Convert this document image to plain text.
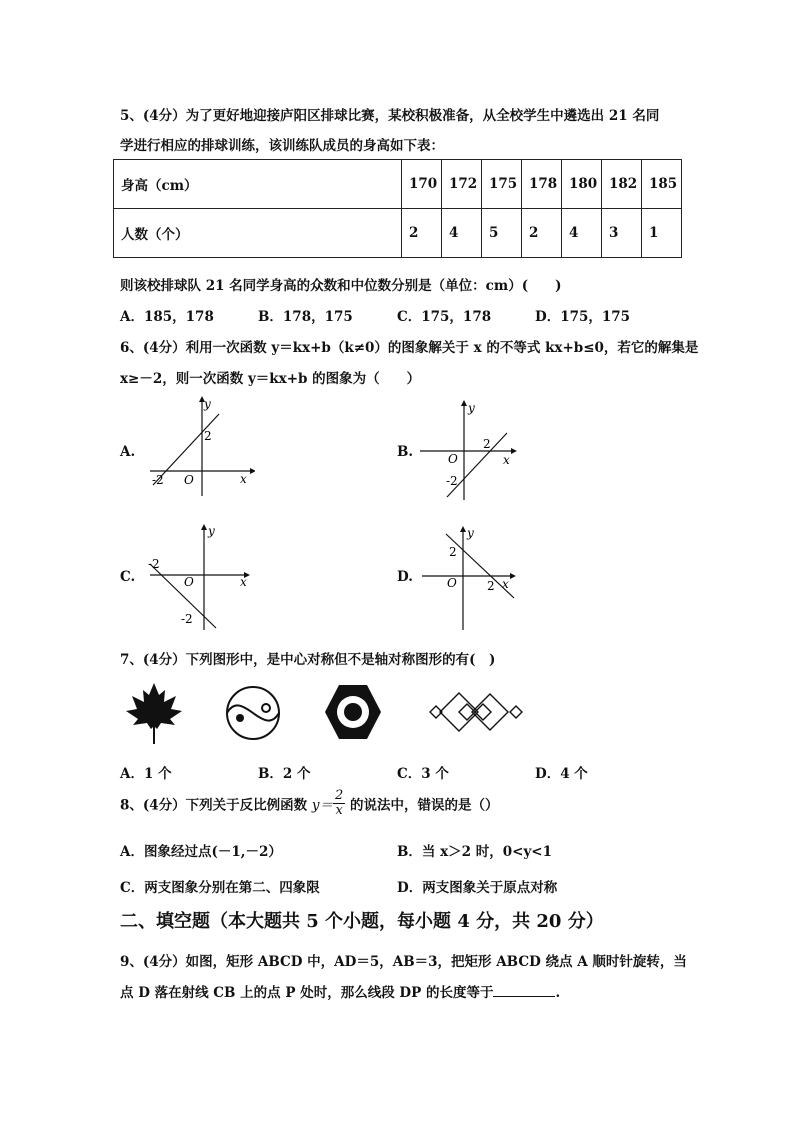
5、(4分）为了更好地迎接庐阳区排球比赛，某校积极准备，从全校学生中遴选出 21 名同
学进行相应的排球训练，该训练队成员的身高如下表：
身高（cm）	170	172	175	178	180	182	185
人数（个）	2	4	5	2	4	3	1
则该校排球队 21 名同学身高的众数和中位数分别是（单位：cm）(　　)
A．185，178	B．178，175	C．175，178	D．175，175
6、(4分）利用一次函数 y＝kx+b（k≠0）的图象解关于 x 的不等式 kx+b≤0，若它的解集是
x≥－2，则一次函数 y＝kx+b 的图象为（　　）
A.
y
x
O
-2
2
B.
y
x
O
2
-2
C.
y
x
O
-2
-2
D.
y
x
O
2
2
7、(4分）下列图形中，是中心对称但不是轴对称图形的有(　)
A．1 个	B．2 个	C．3 个	D．4 个
8、(4分）下列关于反比例函数 $y= \frac{2}{x}$ 的说法中，错误的是（）
A．图象经过点(－1,－2）	B．当 x＞2 时，0<y<1
C．两支图象分别在第二、四象限	D．两支图象关于原点对称
二、填空题（本大题共 5 个小题，每小题 4 分，共 20 分）
9、(4分）如图，矩形 ABCD 中，AD＝5，AB＝3，把矩形 ABCD 绕点 A 顺时针旋转，当
点 D 落在射线 CB 上的点 P 处时，那么线段 DP 的长度等于	.
